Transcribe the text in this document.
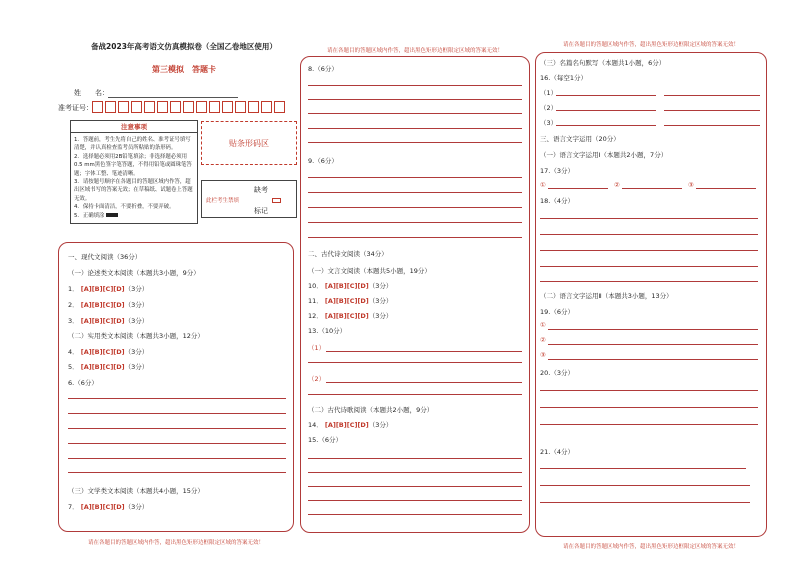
备战2023年高考语文仿真模拟卷（全国乙卷地区使用）
第三模拟　答题卡
姓　　名：
准考证号：
注意事项
1．答题前，考生先将自己的姓名、准考证号填写清楚，并认真检查监考员所粘贴的条形码。
2．选择题必须用2B铅笔填涂；非选择题必须用0.5 mm黑色签字笔答题，不得用铅笔或圆珠笔答题；字体工整、笔迹清晰。
3．请按题号顺序在各题目的答题区域内作答，超出区域书写的答案无效；在草稿纸、试题卷上答题无效。
4．保持卡面清洁，不要折叠，不要弄破。
5．正确填涂
贴条形码区
缺考
此栏考生禁填
标记
一、现代文阅读（36分）
（一）论述类文本阅读（本题共3小题，9分）
1． [A][B][C][D]（3分）
2． [A][B][C][D]（3分）
3． [A][B][C][D]（3分）
（二）实用类文本阅读（本题共3小题，12分）
4． [A][B][C][D]（3分）
5． [A][B][C][D]（3分）
6.（6分）
（三）文学类文本阅读（本题共4小题，15分）
7． [A][B][C][D]（3分）
请在各题目的答题区域内作答，超出黑色矩形边框限定区域的答案无效！
请在各题目的答题区域内作答，超出黑色矩形边框限定区域的答案无效！
8.（6分）
9.（6分）
二、古代诗文阅读（34分）
（一）文言文阅读（本题共5小题，19分）
10． [A][B][C][D]（3分）
11． [A][B][C][D]（3分）
12． [A][B][C][D]（3分）
13.（10分）
（1）
（2）
（二）古代诗歌阅读（本题共2小题，9分）
14． [A][B][C][D]（3分）
15.（6分）
请在各题目的答题区域内作答，超出黑色矩形边框限定区域的答案无效！
（三）名篇名句默写（本题共1小题，6分）
16.（每空1分）
（1）
（2）
（3）
三、语言文字运用（20分）
（一）语言文字运用Ⅰ（本题共2小题，7分）
17.（3分）
①	②	③
18.（4分）
（二）语言文字运用Ⅱ（本题共3小题，13分）
19.（6分）
①
②
③
20.（3分）
21.（4分）
请在各题目的答题区域内作答，超出黑色矩形边框限定区域的答案无效！
